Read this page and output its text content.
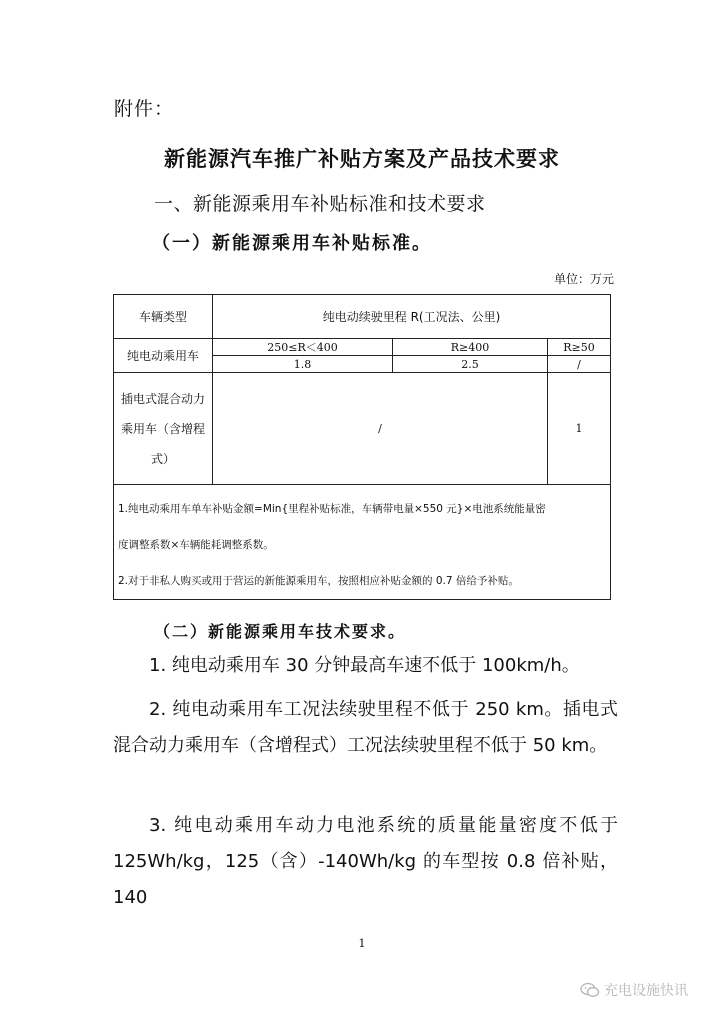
附件：
新能源汽车推广补贴方案及产品技术要求
一、新能源乘用车补贴标准和技术要求
（一）新能源乘用车补贴标准。
单位：万元
车辆类型	纯电动续驶里程 R(工况法、公里)		
纯电动乘用车	250≤R＜400	R≥400	R≥50
	1.8	2.5	/

插电式混合动力
乘用车（含增程
式）	/		1

1.纯电动乘用车单车补贴金额=Min{里程补贴标准，车辆带电量×550 元}×电池系统能量密
度调整系数×车辆能耗调整系数。
2.对于非私人购买或用于营运的新能源乘用车，按照相应补贴金额的 0.7 倍给予补贴。			
（二）新能源乘用车技术要求。
1. 纯电动乘用车 30 分钟最高车速不低于 100km/h。
2. 纯电动乘用车工况法续驶里程不低于 250 km。插电式混合动力乘用车（含增程式）工况法续驶里程不低于 50 km。
3. 纯电动乘用车动力电池系统的质量能量密度不低于 125Wh/kg，125（含）-140Wh/kg 的车型按 0.8 倍补贴，140
1
充电设施快讯
